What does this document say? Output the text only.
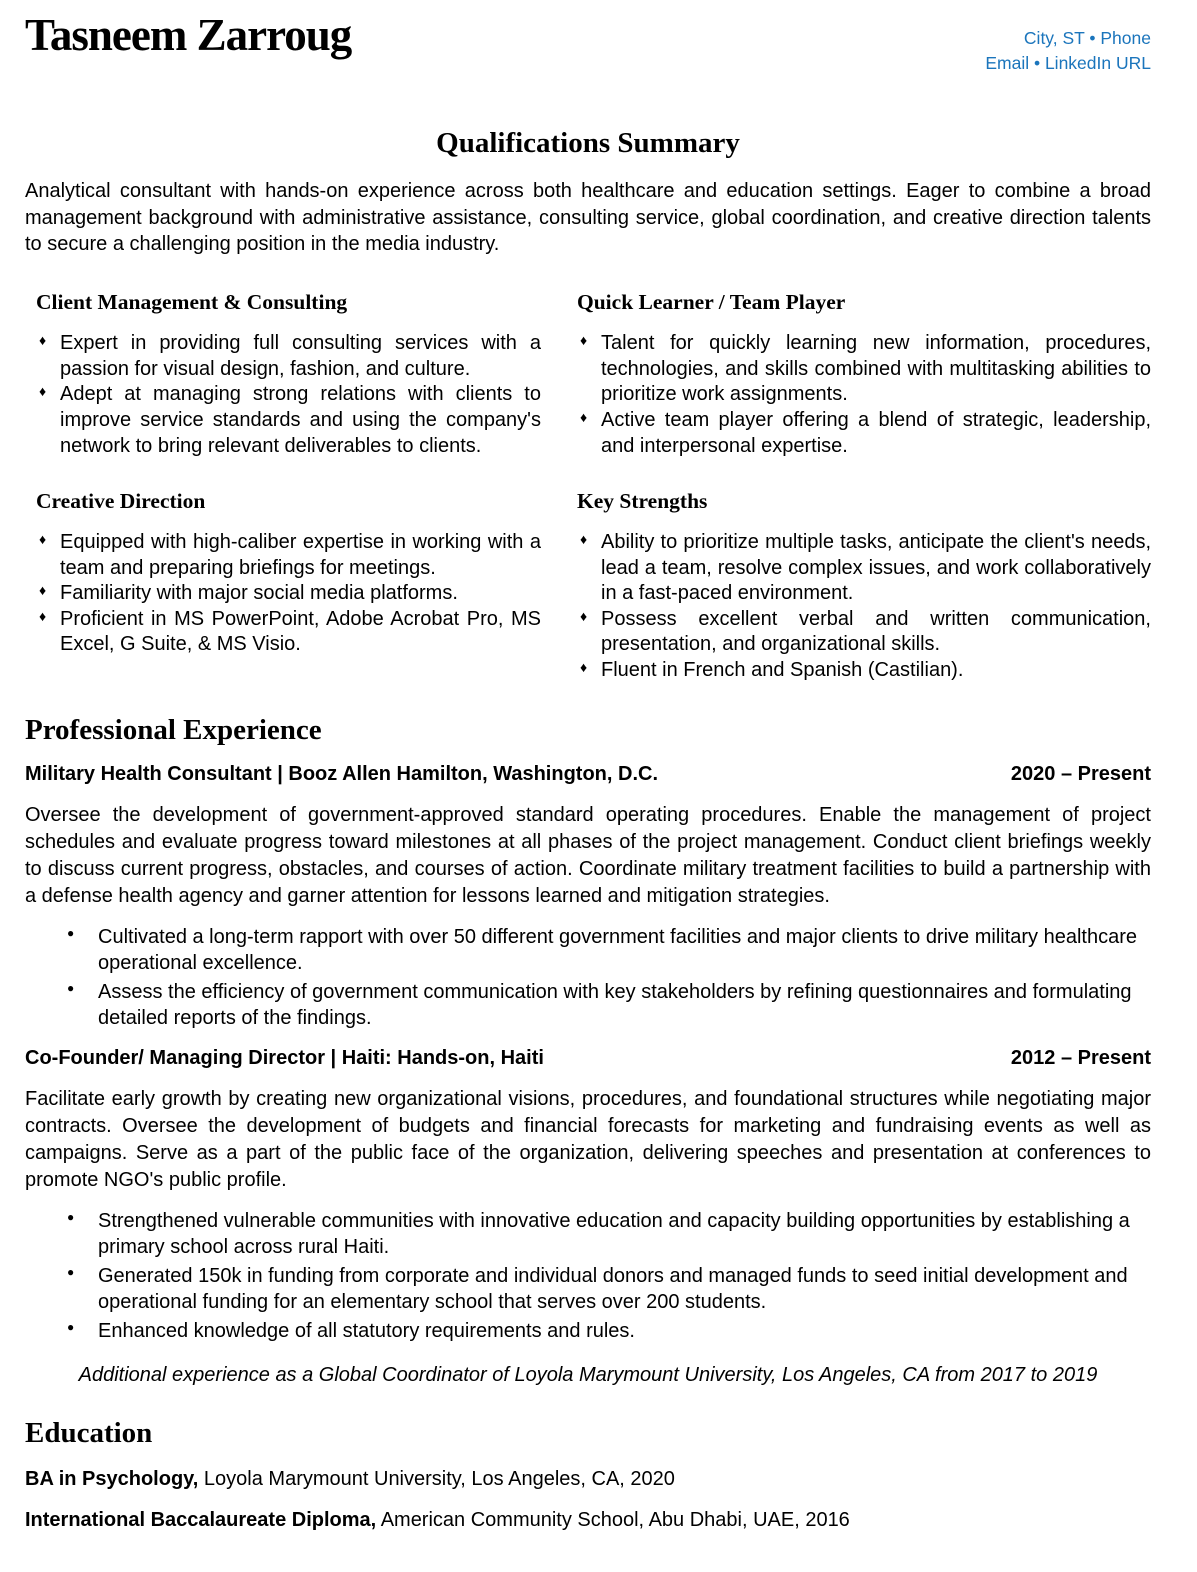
Tasneem Zarroug	City, ST • Phone
Email • LinkedIn URL
Qualifications Summary

Analytical consultant with hands-on experience across both healthcare and education settings. Eager to combine a broad management background with administrative assistance, consulting service, global coordination, and creative direction talents to secure a challenging position in the media industry.

Client Management & Consulting
♦ Expert in providing full consulting services with a passion for visual design, fashion, and culture.
♦ Adept at managing strong relations with clients to improve service standards and using the company's network to bring relevant deliverables to clients.
Creative Direction
♦ Equipped with high-caliber expertise in working with a team and preparing briefings for meetings.
♦ Familiarity with major social media platforms.
♦ Proficient in MS PowerPoint, Adobe Acrobat Pro, MS Excel, G Suite, & MS Visio.
Quick Learner / Team Player
♦ Talent for quickly learning new information, procedures, technologies, and skills combined with multitasking abilities to prioritize work assignments.
♦ Active team player offering a blend of strategic, leadership, and interpersonal expertise.
Key Strengths
♦ Ability to prioritize multiple tasks, anticipate the client's needs, lead a team, resolve complex issues, and work collaboratively in a fast-paced environment.
♦ Possess excellent verbal and written communication, presentation, and organizational skills.
♦ Fluent in French and Spanish (Castilian).
Professional Experience
Military Health Consultant | Booz Allen Hamilton, Washington, D.C.	2020 – Present

Oversee the development of government-approved standard operating procedures. Enable the management of project schedules and evaluate progress toward milestones at all phases of the project management. Conduct client briefings weekly to discuss current progress, obstacles, and courses of action. Coordinate military treatment facilities to build a partnership with a defense health agency and garner attention for lessons learned and mitigation strategies.

● Cultivated a long-term rapport with over 50 different government facilities and major clients to drive military healthcare operational excellence.
● Assess the efficiency of government communication with key stakeholders by refining questionnaires and formulating detailed reports of the findings.
Co-Founder/ Managing Director | Haiti: Hands-on, Haiti	2012 – Present

Facilitate early growth by creating new organizational visions, procedures, and foundational structures while negotiating major contracts. Oversee the development of budgets and financial forecasts for marketing and fundraising events as well as campaigns. Serve as a part of the public face of the organization, delivering speeches and presentation at conferences to promote NGO's public profile.

● Strengthened vulnerable communities with innovative education and capacity building opportunities by establishing a primary school across rural Haiti.
● Generated 150k in funding from corporate and individual donors and managed funds to seed initial development and operational funding for an elementary school that serves over 200 students.
● Enhanced knowledge of all statutory requirements and rules.
Additional experience as a Global Coordinator of Loyola Marymount University, Los Angeles, CA from 2017 to 2019
Education
BA in Psychology, Loyola Marymount University, Los Angeles, CA, 2020
International Baccalaureate Diploma, American Community School, Abu Dhabi, UAE, 2016
